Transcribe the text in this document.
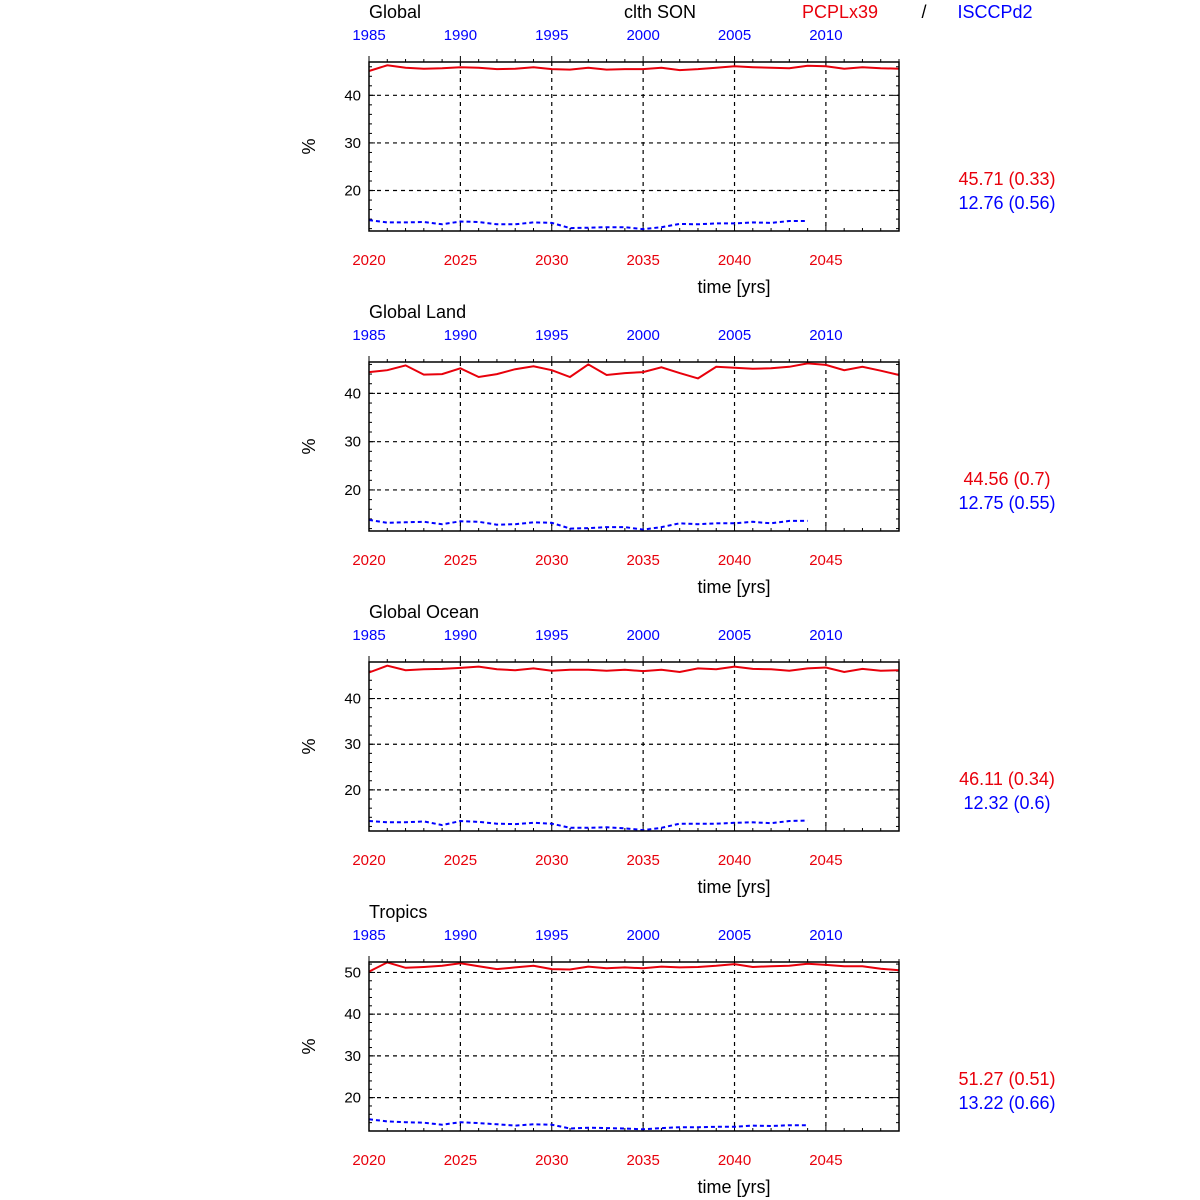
clth SON	PCPLx39 / ISCCPd2
Global
20
30
40
2020	2025	2030	2035	2040	2045
1985	1990	1995	2000	2005	2010
%
time [yrs]
45.71 (0.33)
12.76 (0.56)
Global Land
20
30
40
2020	2025	2030	2035	2040	2045
1985	1990	1995	2000	2005	2010
%
time [yrs]
44.56 (0.7)
12.75 (0.55)
Global Ocean
20
30
40
2020	2025	2030	2035	2040	2045
1985	1990	1995	2000	2005	2010
%
time [yrs]
46.11 (0.34)
12.32 (0.6)
Tropics
20
30
40
50
2020	2025	2030	2035	2040	2045
1985	1990	1995	2000	2005	2010
%
time [yrs]
51.27 (0.51)
13.22 (0.66)
